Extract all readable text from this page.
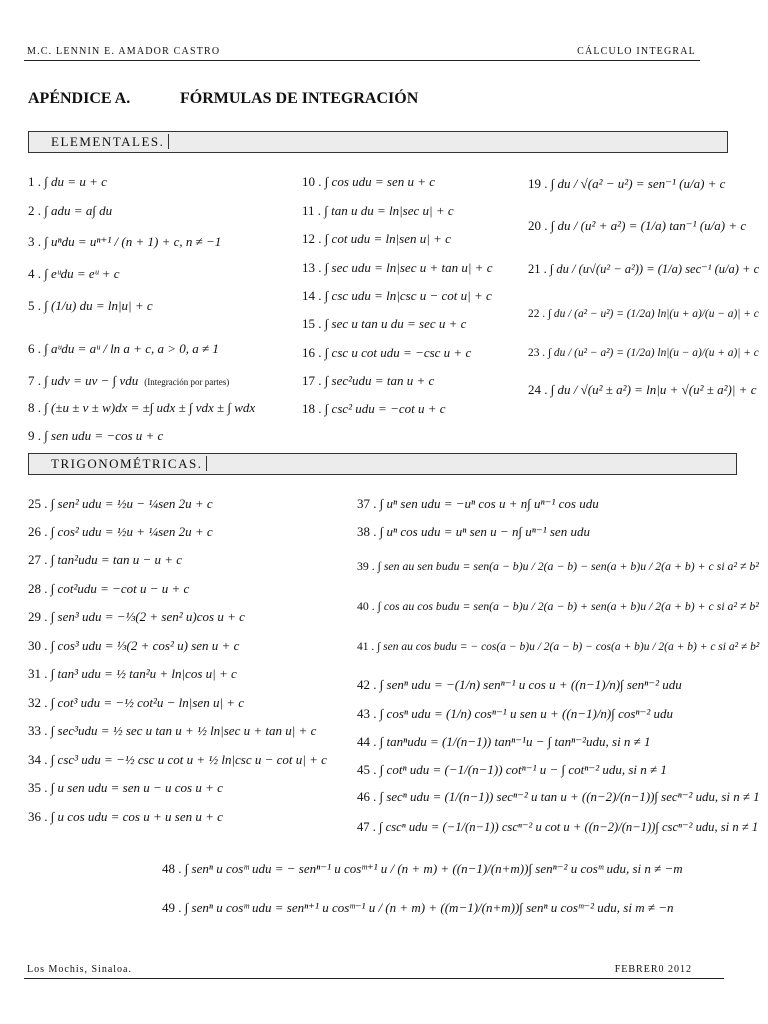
M.C. LENNIN E. AMADOR CASTRO	CÁLCULO INTEGRAL
APÉNDICE A.	FÓRMULAS DE INTEGRACIÓN
ELEMENTALES.
1 . ∫ du = u + c
2 . ∫ adu = a∫ du
3 . ∫ uⁿdu = uⁿ⁺¹ / (n + 1) + c, n ≠ −1
4 . ∫ eᵘdu = eᵘ + c
5 . ∫ (1/u) du = ln|u| + c
6 . ∫ aᵘdu = aᵘ / ln a + c, a > 0, a ≠ 1
7 . ∫ udv = uv − ∫ vdu (Integración por partes)
8 . ∫ (±u ± v ± w)dx = ±∫ udx ± ∫ vdx ± ∫ wdx
9 . ∫ sen udu = −cos u + c
10 . ∫ cos udu = sen u + c
11 . ∫ tan u du = ln|sec u| + c
12 . ∫ cot udu = ln|sen u| + c
13 . ∫ sec udu = ln|sec u + tan u| + c
14 . ∫ csc udu = ln|csc u − cot u| + c
15 . ∫ sec u tan u du = sec u + c
16 . ∫ csc u cot udu = −csc u + c
17 . ∫ sec²udu = tan u + c
18 . ∫ csc² udu = −cot u + c
19 . ∫ du / √(a² − u²) = sen⁻¹ (u/a) + c
20 . ∫ du / (u² + a²) = (1/a) tan⁻¹ (u/a) + c
21 . ∫ du / (u√(u² − a²)) = (1/a) sec⁻¹ (u/a) + c
22 . ∫ du / (a² − u²) = (1/2a) ln|(u + a)/(u − a)| + c
23 . ∫ du / (u² − a²) = (1/2a) ln|(u − a)/(u + a)| + c
24 . ∫ du / √(u² ± a²) = ln|u + √(u² ± a²)| + c
TRIGONOMÉTRICAS.
25 . ∫ sen² udu = ½u − ¼sen 2u + c
26 . ∫ cos² udu = ½u + ¼sen 2u + c
27 . ∫ tan²udu = tan u − u + c
28 . ∫ cot²udu = −cot u − u + c
29 . ∫ sen³ udu = −⅓(2 + sen² u)cos u + c
30 . ∫ cos³ udu = ⅓(2 + cos² u) sen u + c
31 . ∫ tan³ udu = ½ tan²u + ln|cos u| + c
32 . ∫ cot³ udu = −½ cot²u − ln|sen u| + c
33 . ∫ sec³udu = ½ sec u tan u + ½ ln|sec u + tan u| + c
34 . ∫ csc³ udu = −½ csc u cot u + ½ ln|csc u − cot u| + c
35 . ∫ u sen udu = sen u − u cos u + c
36 . ∫ u cos udu = cos u + u sen u + c
37 . ∫ uⁿ sen udu = −uⁿ cos u + n∫ uⁿ⁻¹ cos udu
38 . ∫ uⁿ cos udu = uⁿ sen u − n∫ uⁿ⁻¹ sen udu
39 . ∫ sen au sen budu = sen(a − b)u / 2(a − b) − sen(a + b)u / 2(a + b) + c si a² ≠ b²
40 . ∫ cos au cos budu = sen(a − b)u / 2(a − b) + sen(a + b)u / 2(a + b) + c si a² ≠ b²
41 . ∫ sen au cos budu = − cos(a − b)u / 2(a − b) − cos(a + b)u / 2(a + b) + c si a² ≠ b²
42 . ∫ senⁿ udu = −(1/n) senⁿ⁻¹ u cos u + ((n−1)/n)∫ senⁿ⁻² udu
43 . ∫ cosⁿ udu = (1/n) cosⁿ⁻¹ u sen u + ((n−1)/n)∫ cosⁿ⁻² udu
44 . ∫ tanⁿudu = (1/(n−1)) tanⁿ⁻¹u − ∫ tanⁿ⁻²udu, si n ≠ 1
45 . ∫ cotⁿ udu = (−1/(n−1)) cotⁿ⁻¹ u − ∫ cotⁿ⁻² udu, si n ≠ 1
46 . ∫ secⁿ udu = (1/(n−1)) secⁿ⁻² u tan u + ((n−2)/(n−1))∫ secⁿ⁻² udu, si n ≠ 1
47 . ∫ cscⁿ udu = (−1/(n−1)) cscⁿ⁻² u cot u + ((n−2)/(n−1))∫ cscⁿ⁻² udu, si n ≠ 1
48 . ∫ senⁿ u cosᵐ udu = − senⁿ⁻¹ u cosᵐ⁺¹ u / (n + m) + ((n−1)/(n+m))∫ senⁿ⁻² u cosᵐ udu, si n ≠ −m
49 . ∫ senⁿ u cosᵐ udu = senⁿ⁺¹ u cosᵐ⁻¹ u / (n + m) + ((m−1)/(n+m))∫ senⁿ u cosᵐ⁻² udu, si m ≠ −n
Los Mochis, Sinaloa.	FEBRER0 2012
